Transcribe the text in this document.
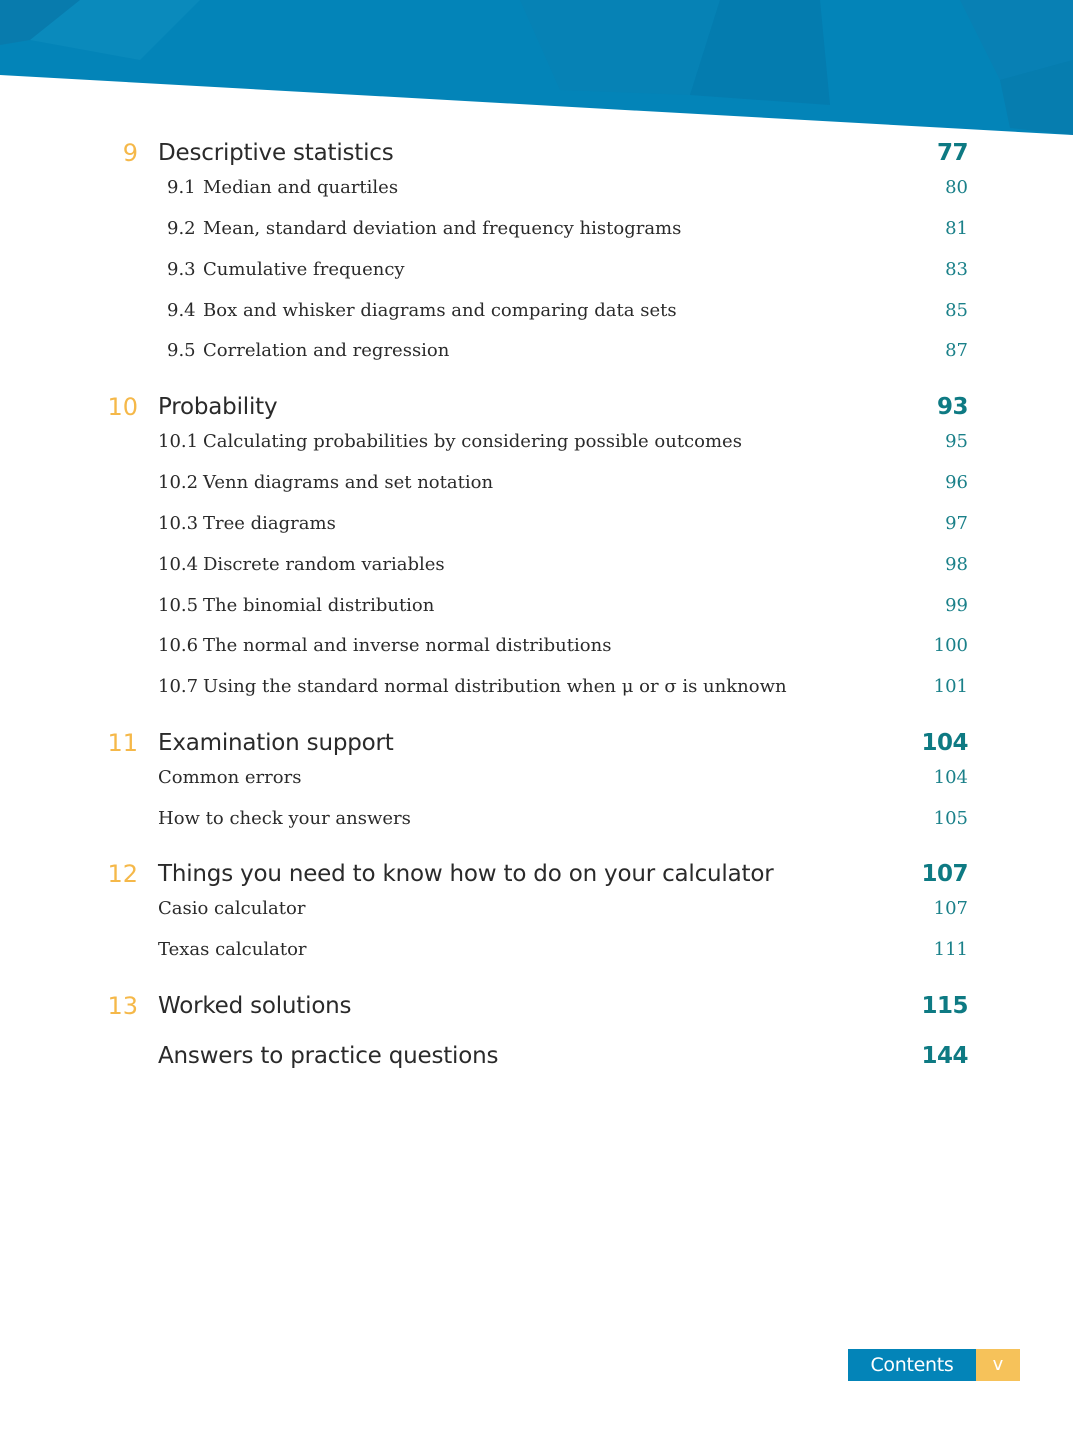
9 Descriptive statistics	77
9.1 Median and quartiles	80
9.2 Mean, standard deviation and frequency histograms	81
9.3 Cumulative frequency	83
9.4 Box and whisker diagrams and comparing data sets	85
9.5 Correlation and regression	87
10 Probability	93
10.1 Calculating probabilities by considering possible outcomes	95
10.2 Venn diagrams and set notation	96
10.3 Tree diagrams	97
10.4 Discrete random variables	98
10.5 The binomial distribution	99
10.6 The normal and inverse normal distributions	100
10.7 Using the standard normal distribution when μ or σ is unknown	101
11 Examination support	104
Common errors	104
How to check your answers	105
12 Things you need to know how to do on your calculator	107
Casio calculator	107
Texas calculator	111
13 Worked solutions	115
Answers to practice questions	144
Contents	v
